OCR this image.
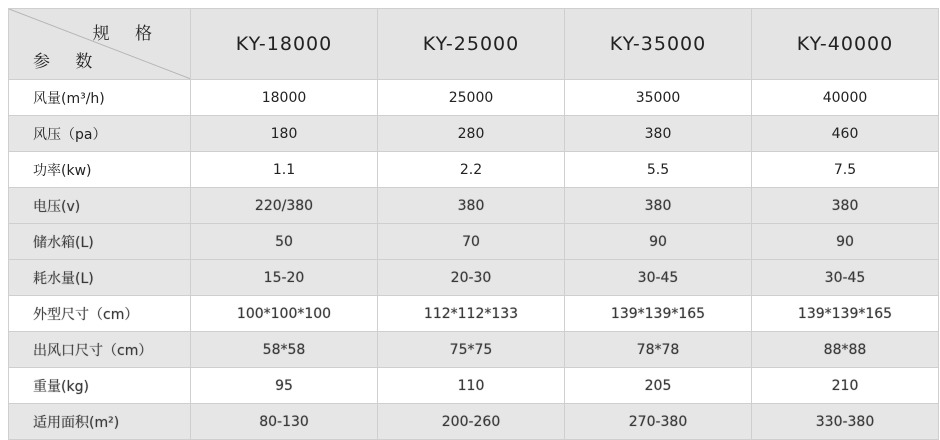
规 格
参 数	KY-18000	KY-25000	KY-35000	KY-40000
风量(m³/h)	18000	25000	35000	40000
风压（pa）	180	280	380	460
功率(kw)	1.1	2.2	5.5	7.5
电压(v)	220/380	380	380	380
储水箱(L)	50	70	90	90
耗水量(L)	15-20	20-30	30-45	30-45
外型尺寸（cm）	100*100*100	112*112*133	139*139*165	139*139*165
出风口尺寸（cm）	58*58	75*75	78*78	88*88
重量(kg)	95	110	205	210
适用面积(m²)	80-130	200-260	270-380	330-380
